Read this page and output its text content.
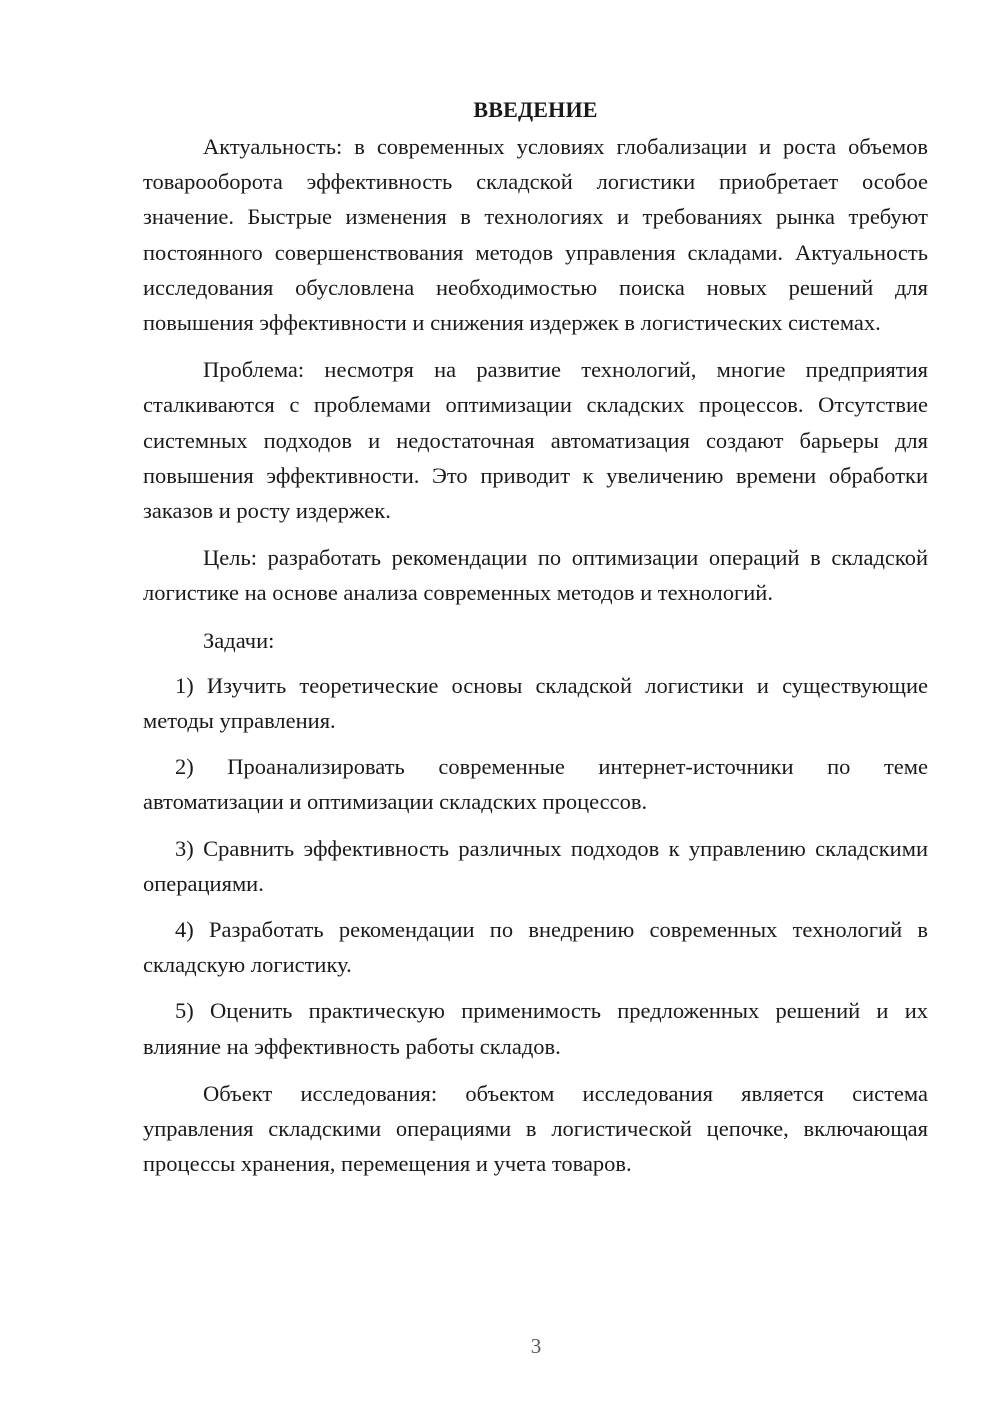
ВВЕДЕНИЕ

Актуальность: в современных условиях глобализации и роста объемов товарооборота эффективность складской логистики приобретает особое значение. Быстрые изменения в технологиях и требованиях рынка требуют постоянного совершенствования методов управления складами. Актуальность исследования обусловлена необходимостью поиска новых решений для повышения эффективности и снижения издержек в логистических системах.

Проблема: несмотря на развитие технологий, многие предприятия сталкиваются с проблемами оптимизации складских процессов. Отсутствие системных подходов и недостаточная автоматизация создают барьеры для повышения эффективности. Это приводит к увеличению времени обработки заказов и росту издержек.

Цель: разработать рекомендации по оптимизации операций в складской логистике на основе анализа современных методов и технологий.

Задачи:

1) Изучить теоретические основы складской логистики и существующие методы управления.

2) Проанализировать современные интернет-источники по теме автоматизации и оптимизации складских процессов.

3) Сравнить эффективность различных подходов к управлению складскими операциями.

4) Разработать рекомендации по внедрению современных технологий в складскую логистику.

5) Оценить практическую применимость предложенных решений и их влияние на эффективность работы складов.

Объект исследования: объектом исследования является система управления складскими операциями в логистической цепочке, включающая процессы хранения, перемещения и учета товаров.

3
